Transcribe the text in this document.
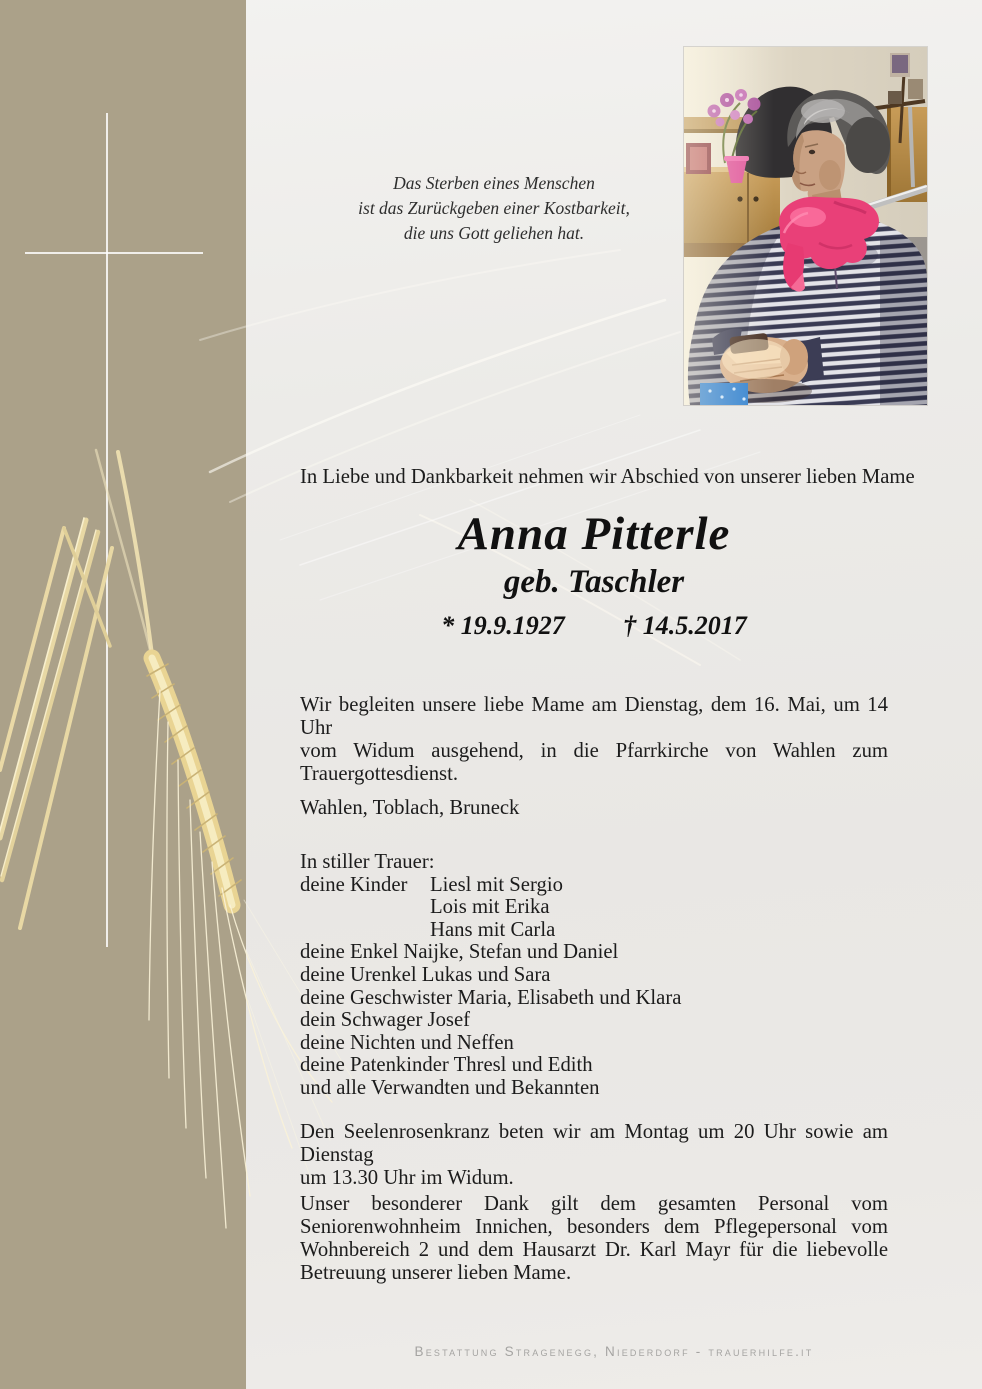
Das Sterben eines Menschen
ist das Zurückgeben einer Kostbarkeit,
die uns Gott geliehen hat.
In Liebe und Dankbarkeit nehmen wir Abschied von unserer lieben Mame
Anna Pitterle
geb. Taschler
* 19.9.1927 † 14.5.2017
Wir begleiten unsere liebe Mame am Dienstag, dem 16. Mai, um 14 Uhr
vom Widum ausgehend, in die Pfarrkirche von Wahlen zum
Trauergottesdienst.
Wahlen, Toblach, Bruneck
In stiller Trauer:
deine Kinder Liesl mit Sergio
Lois mit Erika
Hans mit Carla
deine Enkel Naijke, Stefan und Daniel
deine Urenkel Lukas und Sara
deine Geschwister Maria, Elisabeth und Klara
dein Schwager Josef
deine Nichten und Neffen
deine Patenkinder Thresl und Edith
und alle Verwandten und Bekannten
Den Seelenrosenkranz beten wir am Montag um 20 Uhr sowie am Dienstag
um 13.30 Uhr im Widum.
Unser besonderer Dank gilt dem gesamten Personal vom
Seniorenwohnheim Innichen, besonders dem Pflegepersonal vom
Wohnbereich 2 und dem Hausarzt Dr. Karl Mayr für die liebevolle
Betreuung unserer lieben Mame.
Bestattung Stragenegg, Niederdorf - trauerhilfe.it
